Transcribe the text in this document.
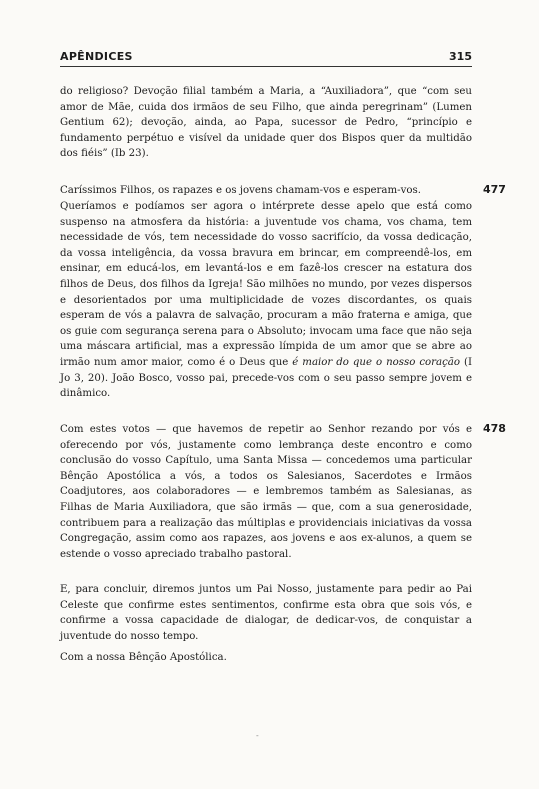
APÊNDICES	315

do religioso? Devoção filial também a Maria, a “Auxiliadora”, que “com seu amor de Mãe, cuida dos irmãos de seu Filho, que ainda peregrinam” (Lumen Gentium 62); devoção, ainda, ao Papa, sucessor de Pedro, “princípio e fundamento perpétuo e visível da unidade quer dos Bispos quer da multidão dos fiéis” (Ib 23).

Caríssimos Filhos, os rapazes e os jovens chamam-vos e esperam-vos.	477

Queríamos e podíamos ser agora o intérprete desse apelo que está como suspenso na atmosfera da história: a juventude vos chama, vos chama, tem necessidade de vós, tem necessidade do vosso sacrifício, da vossa dedicação, da vossa inteligência, da vossa bravura em brincar, em compreendê-los, em ensinar, em educá-los, em levantá-los e em fazê-los crescer na estatura dos filhos de Deus, dos filhos da Igreja! São milhões no mundo, por vezes dispersos e desorientados por uma multiplicidade de vozes discordantes, os quais esperam de vós a palavra de salvação, procuram a mão fraterna e amiga, que os guie com segurança serena para o Absoluto; invocam uma face que não seja uma máscara artificial, mas a expressão límpida de um amor que se abre ao irmão num amor maior, como é o Deus que é maior do que o nosso coração (I Jo 3, 20). João Bosco, vosso pai, precede-vos com o seu passo sempre jovem e dinâmico.

Com estes votos — que havemos de repetir ao Senhor rezando por vós e oferecendo por vós, justamente como lembrança deste encontro e como conclusão do vosso Capítulo, uma Santa Missa — concedemos uma particular Bênção Apostólica a vós, a todos os Salesianos, Sacerdotes e Irmãos Coadjutores, aos colaboradores — e lembremos também as Salesianas, as Filhas de Maria Auxiliadora, que são irmãs — que, com a sua generosidade, contribuem para a realização das múltiplas e providenciais iniciativas da vossa Congregação, assim como aos rapazes, aos jovens e aos ex-alunos, a quem se estende o vosso apreciado trabalho pastoral.

478

E, para concluir, diremos juntos um Pai Nosso, justamente para pedir ao Pai Celeste que confirme estes sentimentos, confirme esta obra que sois vós, e confirme a vossa capacidade de dialogar, de dedicar-vos, de conquistar a juventude do nosso tempo.

Com a nossa Bênção Apostólica.

-
